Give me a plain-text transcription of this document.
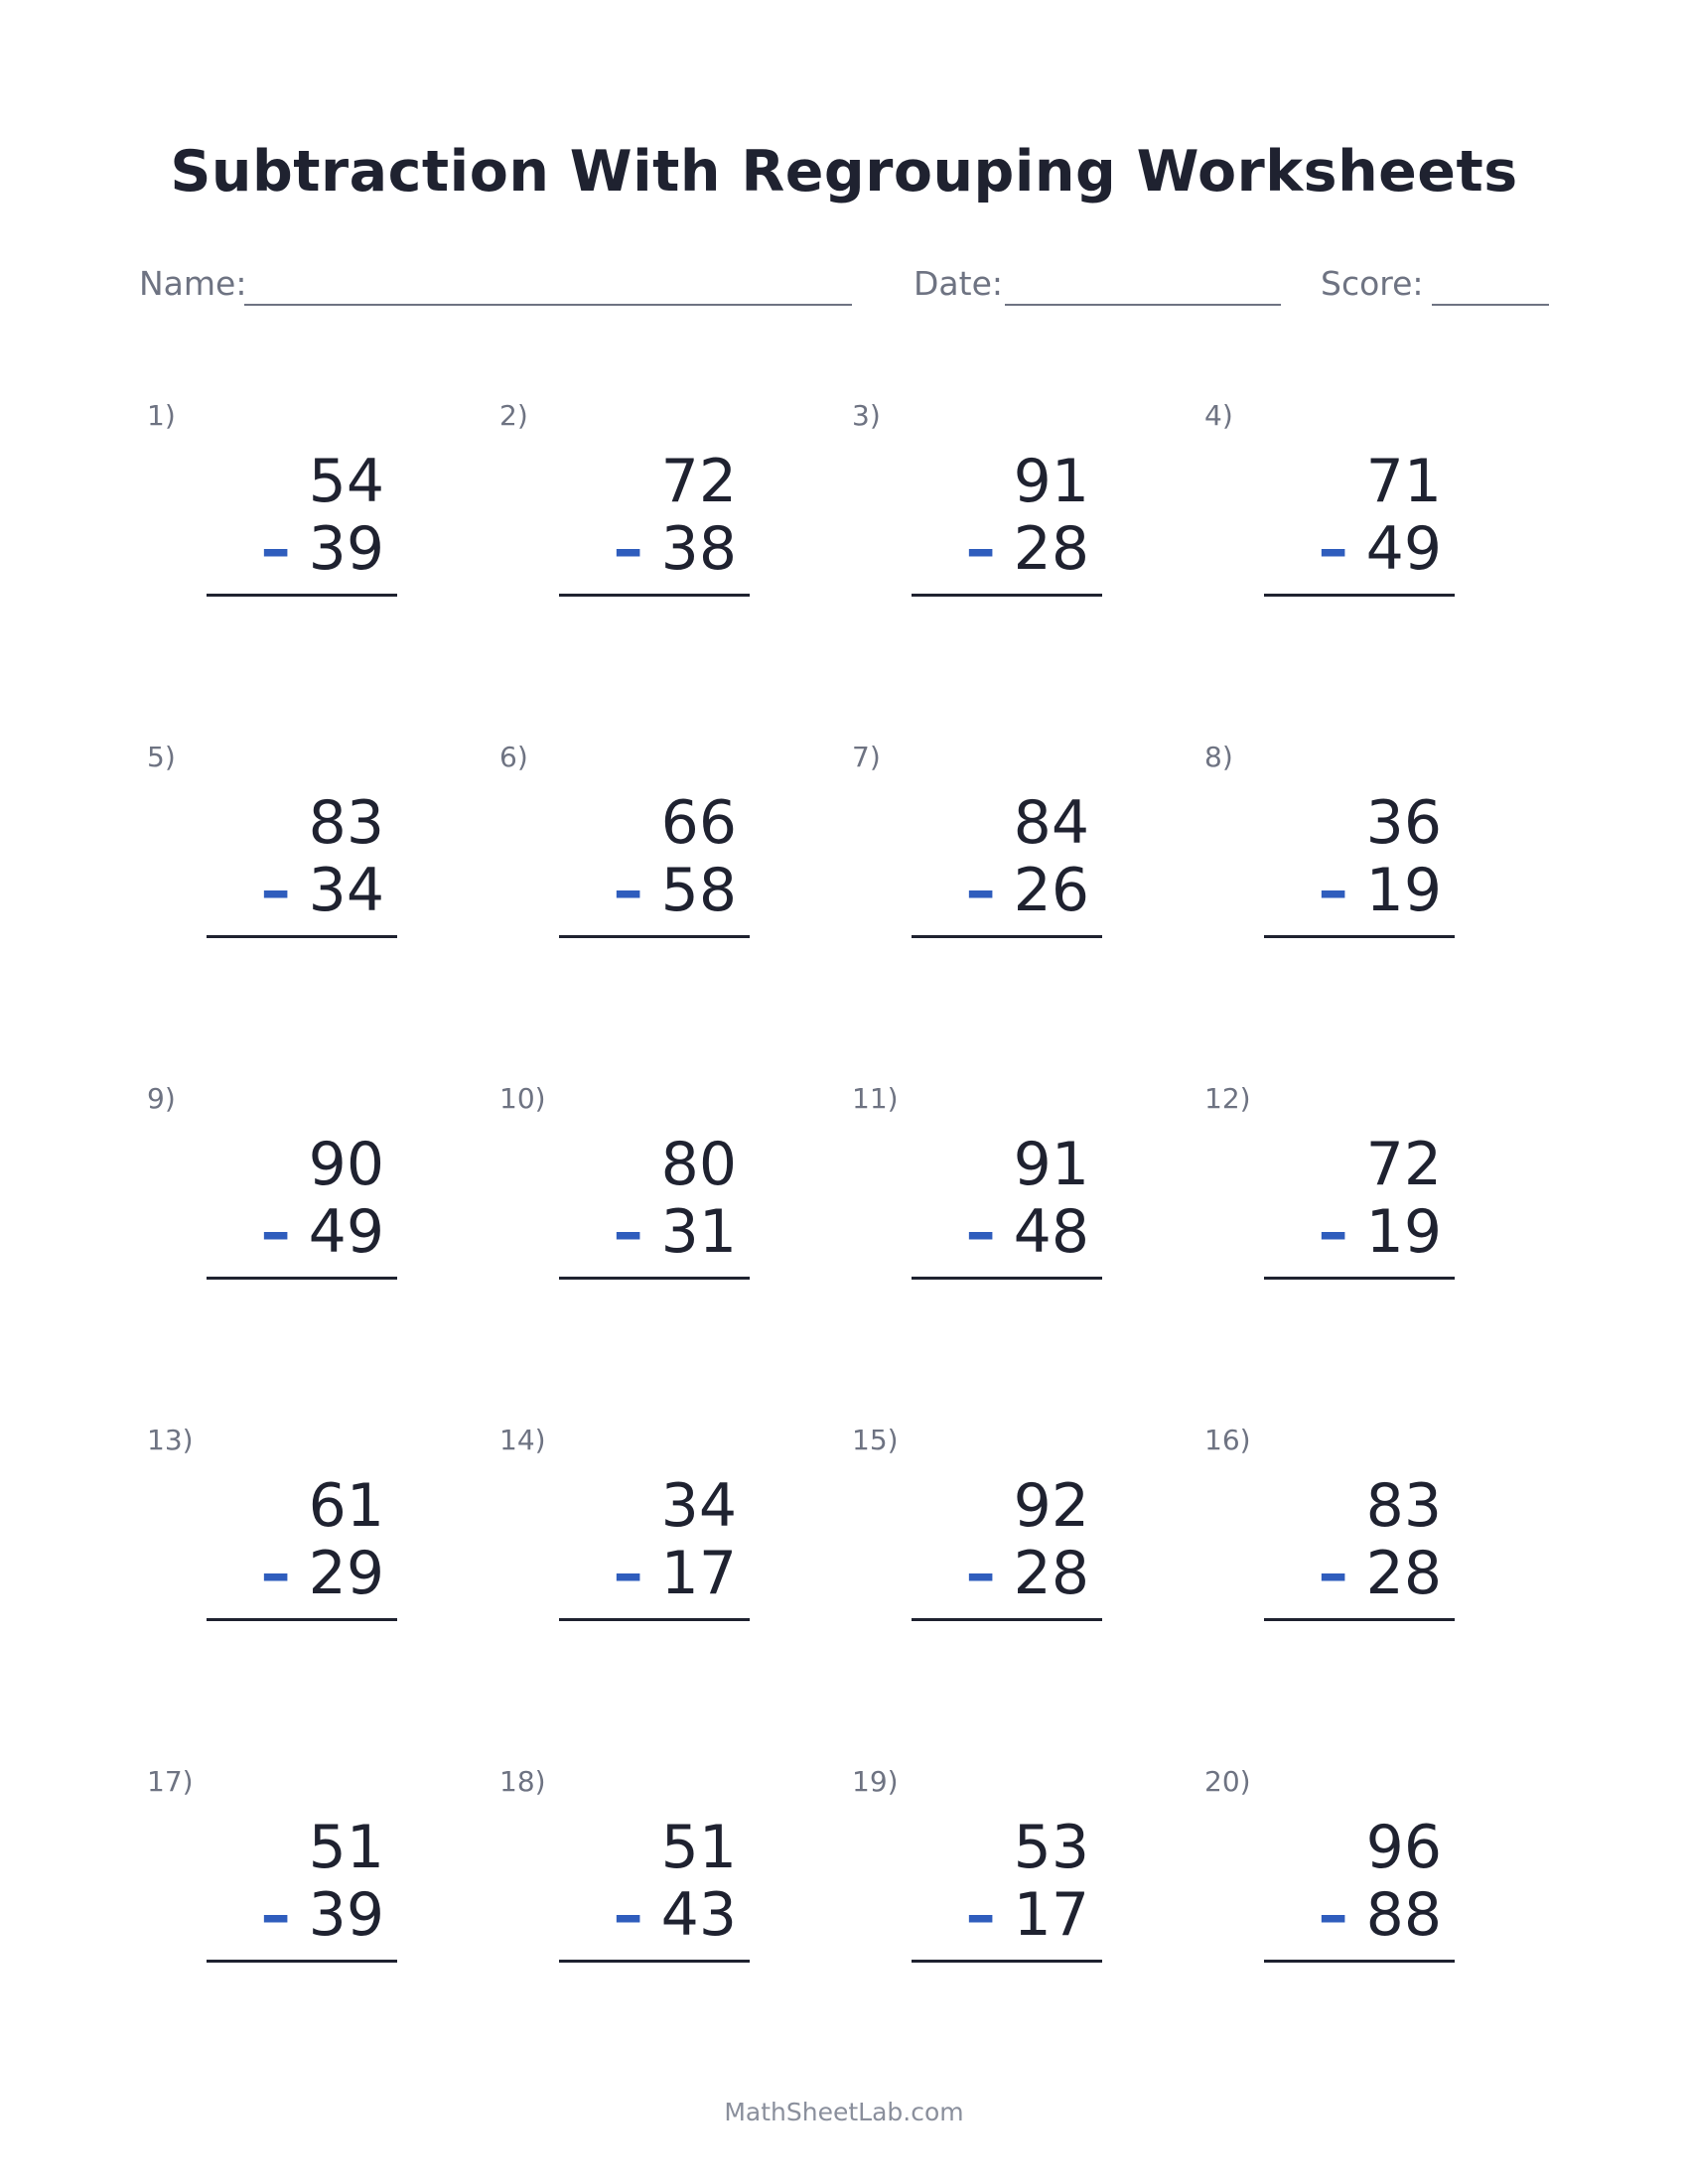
Subtraction With Regrouping Worksheets
Name:	Date:	Score:
1)
54
– 39
2)
72
– 38
3)
91
– 28
4)
71
– 49
5)
83
– 34
6)
66
– 58
7)
84
– 26
8)
36
– 19
9)
90
– 49
10)
80
– 31
11)
91
– 48
12)
72
– 19
13)
61
– 29
14)
34
– 17
15)
92
– 28
16)
83
– 28
17)
51
– 39
18)
51
– 43
19)
53
– 17
20)
96
– 88
MathSheetLab.com
